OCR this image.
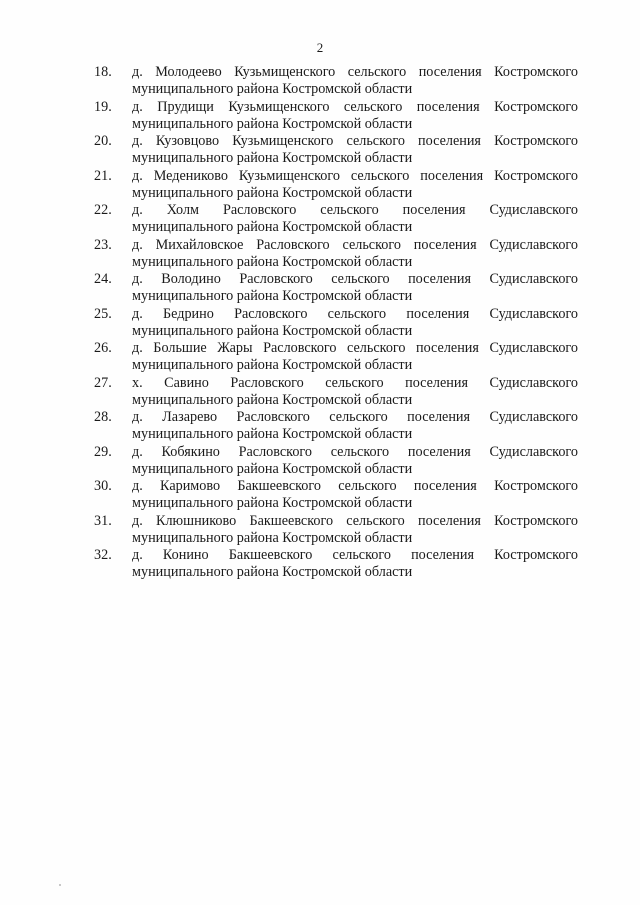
2
18.	д. Молодеево Кузьмищенского сельского поселения Костромского
муниципального района Костромской области
19.	д. Прудищи Кузьмищенского сельского поселения Костромского
муниципального района Костромской области
20.	д. Кузовцово Кузьмищенского сельского поселения Костромского
муниципального района Костромской области
21.	д. Медениково Кузьмищенского сельского поселения Костромского
муниципального района Костромской области
22.	д. Холм Расловского сельского поселения Судиславского
муниципального района Костромской области
23.	д. Михайловское Расловского сельского поселения Судиславского
муниципального района Костромской области
24.	д. Володино Расловского сельского поселения Судиславского
муниципального района Костромской области
25.	д. Бедрино Расловского сельского поселения Судиславского
муниципального района Костромской области
26.	д. Большие Жары Расловского сельского поселения Судиславского
муниципального района Костромской области
27.	х. Савино Расловского сельского поселения Судиславского
муниципального района Костромской области
28.	д. Лазарево Расловского сельского поселения Судиславского
муниципального района Костромской области
29.	д. Кобякино Расловского сельского поселения Судиславского
муниципального района Костромской области
30.	д. Каримово Бакшеевского сельского поселения Костромского
муниципального района Костромской области
31.	д. Клюшниково Бакшеевского сельского поселения Костромского
муниципального района Костромской области
32.	д. Конино Бакшеевского сельского поселения Костромского
муниципального района Костромской области
